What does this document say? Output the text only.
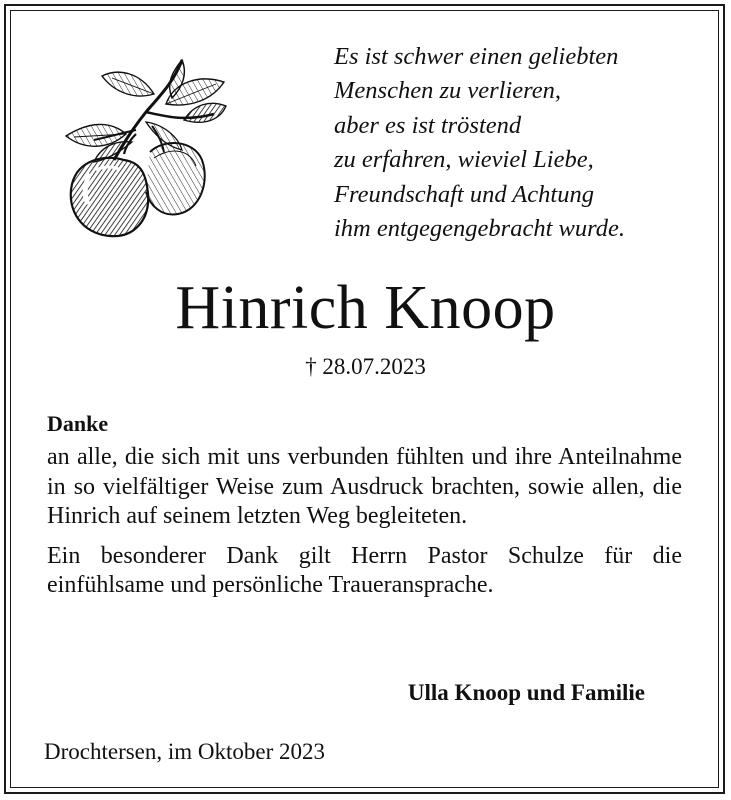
Es ist schwer einen geliebten
Menschen zu verlieren,
aber es ist tröstend
zu erfahren, wieviel Liebe,
Freundschaft und Achtung
ihm entgegengebracht wurde.
Hinrich Knoop
† 28.07.2023
Danke

an alle, die sich mit uns verbunden fühlten und ihre Anteilnahme in so vielfältiger Weise zum Ausdruck brachten, sowie allen, die Hinrich auf seinem letzten Weg begleiteten.

Ein besonderer Dank gilt Herrn Pastor Schulze für die einfühlsame und persönliche Traueransprache.

Ulla Knoop und Familie
Drochtersen, im Oktober 2023
